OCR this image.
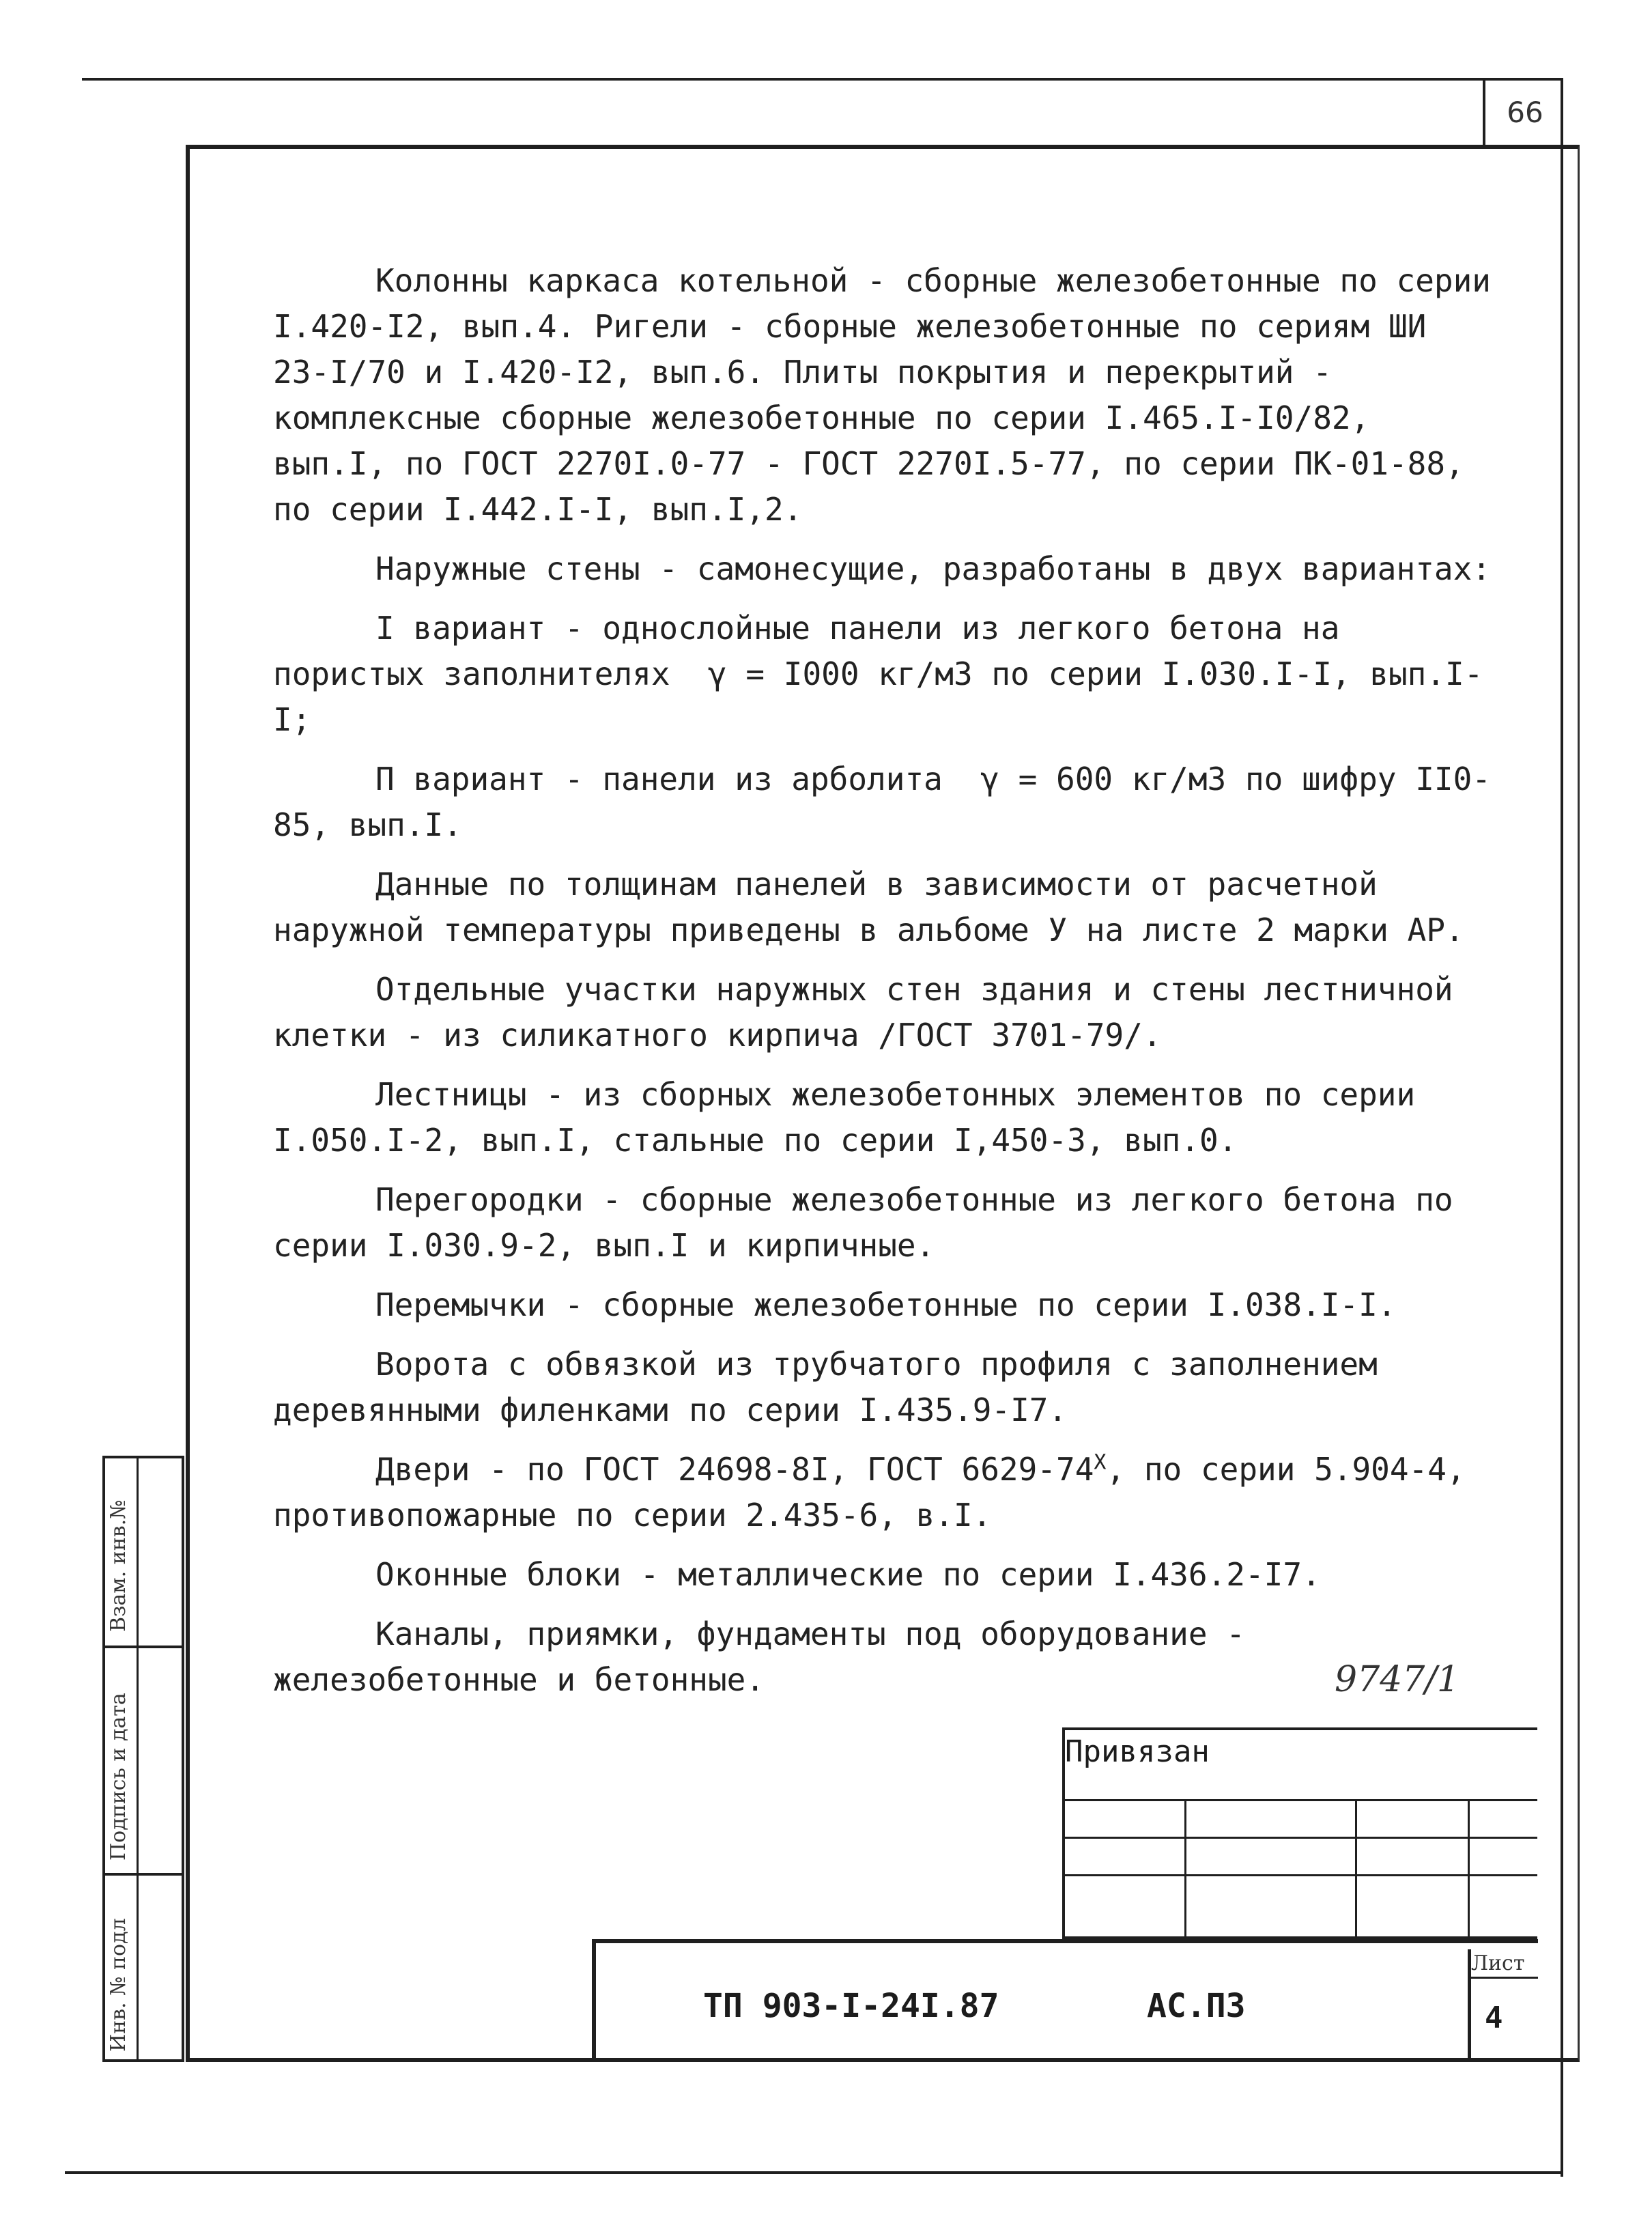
66

Колонны каркаса котельной - сборные железобетонные по серии I.420-I2, вып.4. Ригели - сборные железобетонные по сериям ШИ 23-I/70 и I.420-I2, вып.6. Плиты покрытия и перекрытий - комплексные сборные железобетонные по серии I.465.I-I0/82, вып.I, по ГОСТ 2270I.0-77 - ГОСТ 2270I.5-77, по серии ПК-01-88, по серии I.442.I-I, вып.I,2.

Наружные стены - самонесущие, разработаны в двух вариантах:

I вариант - однослойные панели из легкого бетона на пористых заполнителях  γ = I000 кг/м3 по серии I.030.I-I, вып.I-I;

П вариант - панели из арболита  γ = 600 кг/м3 по шифру II0-85, вып.I.

Данные по толщинам панелей в зависимости от расчетной наружной температуры приведены в альбоме У на листе 2 марки АР.

Отдельные участки наружных стен здания и стены лестничной клетки - из силикатного кирпича /ГОСТ 3701-79/.

Лестницы - из сборных железобетонных элементов по серии I.050.I-2, вып.I, стальные по серии I,450-3, вып.0.

Перегородки - сборные железобетонные из легкого бетона по серии I.030.9-2, вып.I и кирпичные.

Перемычки - сборные железобетонные по серии I.038.I-I.

Ворота с обвязкой из трубчатого профиля с заполнением деревянными филенками по серии I.435.9-I7.

Двери - по ГОСТ 24698-8I, ГОСТ $6629-74^X$, по серии 5.904-4, противопожарные по серии 2.435-6, в.I.

Оконные блоки - металлические по серии I.436.2-I7.

Каналы, приямки, фундаменты под оборудование - железобетонные и бетонные.	9747/1
Привязан
ТП 903-I-24I.87	АС.ПЗ
Лист
4
Взам. инв.№
Подпись и дата
Инв. № подл
